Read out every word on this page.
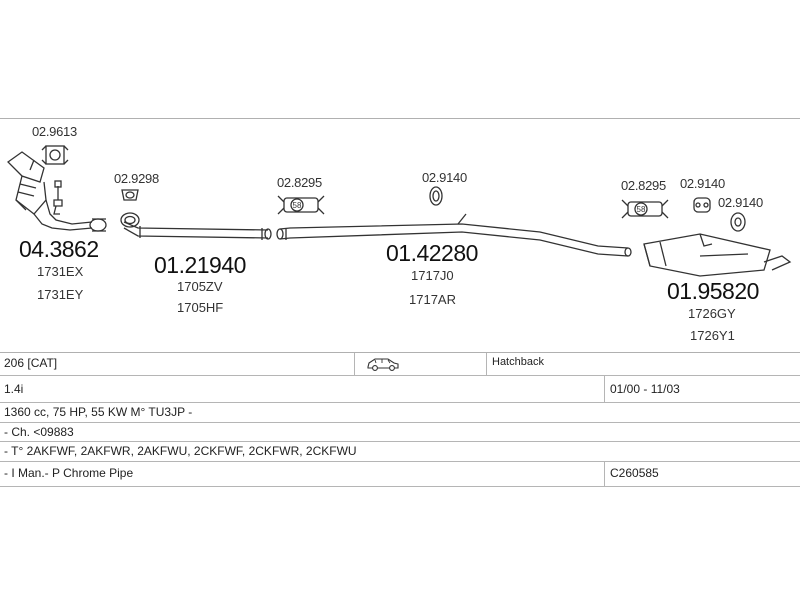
58	58
02.9613
04.3862
1731EX
1731EY
02.9298
01.21940
1705ZV
1705HF
02.8295	02.9140
01.42280
1717J0
1717AR
02.8295 02.9140
02.9140
01.95820
1726GY
1726Y1
206 [CAT]	Hatchback
1.4i	01/00 - 11/03
1360 cc, 75 HP, 55 KW M° TU3JP -
- Ch. <09883
- T° 2AKFWF, 2AKFWR, 2AKFWU, 2CKFWF, 2CKFWR, 2CKFWU
- I Man.- P Chrome Pipe	C260585
